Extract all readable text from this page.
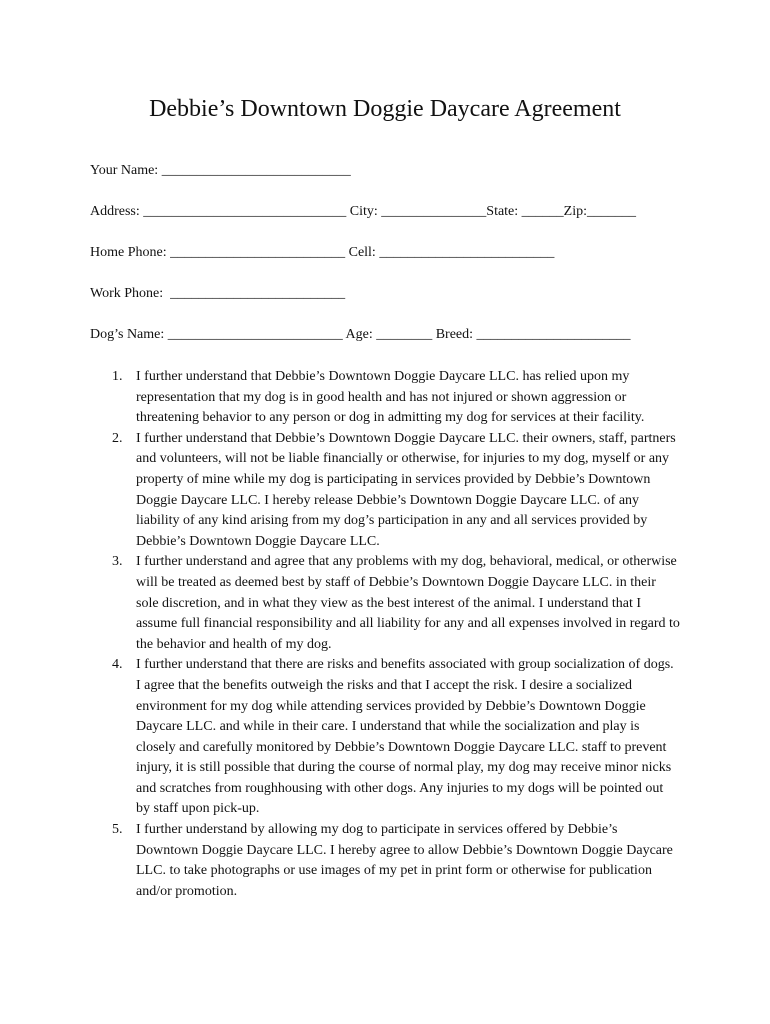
Debbie’s Downtown Doggie Daycare Agreement
Your Name: ___________________________
Address: _____________________________ City: _______________State: ______Zip:_______
Home Phone: _________________________ Cell: _________________________
Work Phone:  _________________________
Dog’s Name: _________________________ Age: ________ Breed: ______________________
1. I further understand that Debbie’s Downtown Doggie Daycare LLC. has relied upon my representation that my dog is in good health and has not injured or shown aggression or threatening behavior to any person or dog in admitting my dog for services at their facility.
2. I further understand that Debbie’s Downtown Doggie Daycare LLC. their owners, staff, partners and volunteers, will not be liable financially or otherwise, for injuries to my dog, myself or any property of mine while my dog is participating in services provided by Debbie’s Downtown Doggie Daycare LLC. I hereby release Debbie’s Downtown Doggie Daycare LLC. of any liability of any kind arising from my dog’s participation in any and all services provided by Debbie’s Downtown Doggie Daycare LLC.
3. I further understand and agree that any problems with my dog, behavioral, medical, or otherwise will be treated as deemed best by staff of Debbie’s Downtown Doggie Daycare LLC. in their sole discretion, and in what they view as the best interest of the animal. I understand that I assume full financial responsibility and all liability for any and all expenses involved in regard to the behavior and health of my dog.
4. I further understand that there are risks and benefits associated with group socialization of dogs. I agree that the benefits outweigh the risks and that I accept the risk. I desire a socialized environment for my dog while attending services provided by Debbie’s Downtown Doggie Daycare LLC. and while in their care. I understand that while the socialization and play is closely and carefully monitored by Debbie’s Downtown Doggie Daycare LLC. staff to prevent injury, it is still possible that during the course of normal play, my dog may receive minor nicks and scratches from roughhousing with other dogs. Any injuries to my dogs will be pointed out by staff upon pick-up.
5. I further understand by allowing my dog to participate in services offered by Debbie’s Downtown Doggie Daycare LLC. I hereby agree to allow Debbie’s Downtown Doggie Daycare LLC. to take photographs or use images of my pet in print form or otherwise for publication and/or promotion.
